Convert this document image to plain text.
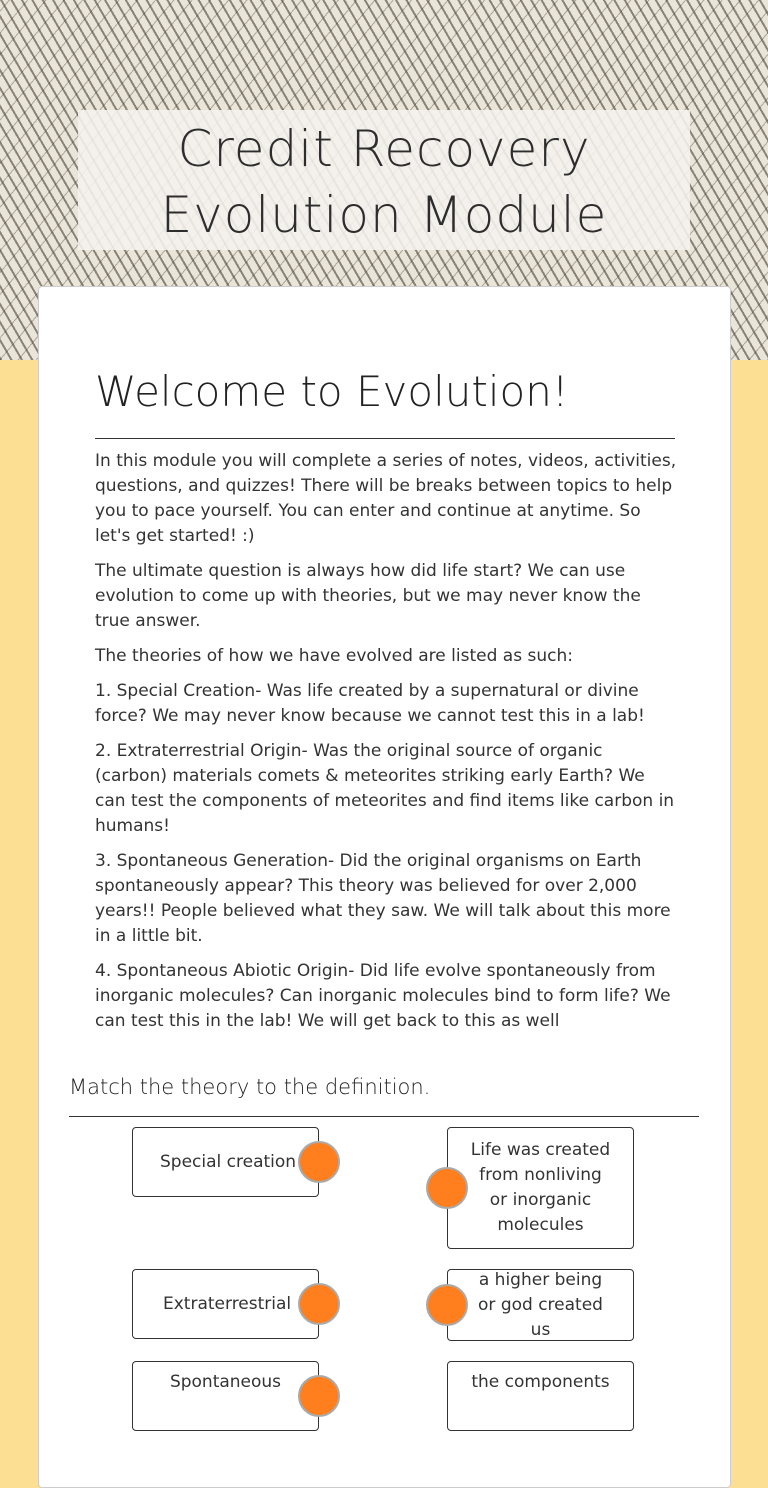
Credit Recovery
Evolution Module
Welcome to Evolution!

In this module you will complete a series of notes, videos, activities, questions, and quizzes! There will be breaks between topics to help you to pace yourself. You can enter and continue at anytime. So let's get started! :)

The ultimate question is always how did life start? We can use evolution to come up with theories, but we may never know the true answer.

The theories of how we have evolved are listed as such:

1. Special Creation- Was life created by a supernatural or divine force? We may never know because we cannot test this in a lab!

2. Extraterrestrial Origin- Was the original source of organic (carbon) materials comets & meteorites striking early Earth? We can test the components of meteorites and find items like carbon in humans!

3. Spontaneous Generation- Did the original organisms on Earth spontaneously appear? This theory was believed for over 2,000 years!! People believed what they saw. We will talk about this more in a little bit.

4. Spontaneous Abiotic Origin- Did life evolve spontaneously from inorganic molecules? Can inorganic molecules bind to form life? We can test this in the lab! We will get back to this as well

Match the theory to the definition.
Special creation
Life was created from nonliving or inorganic molecules
Extraterrestrial
a higher being or god created us
Spontaneous	the components
